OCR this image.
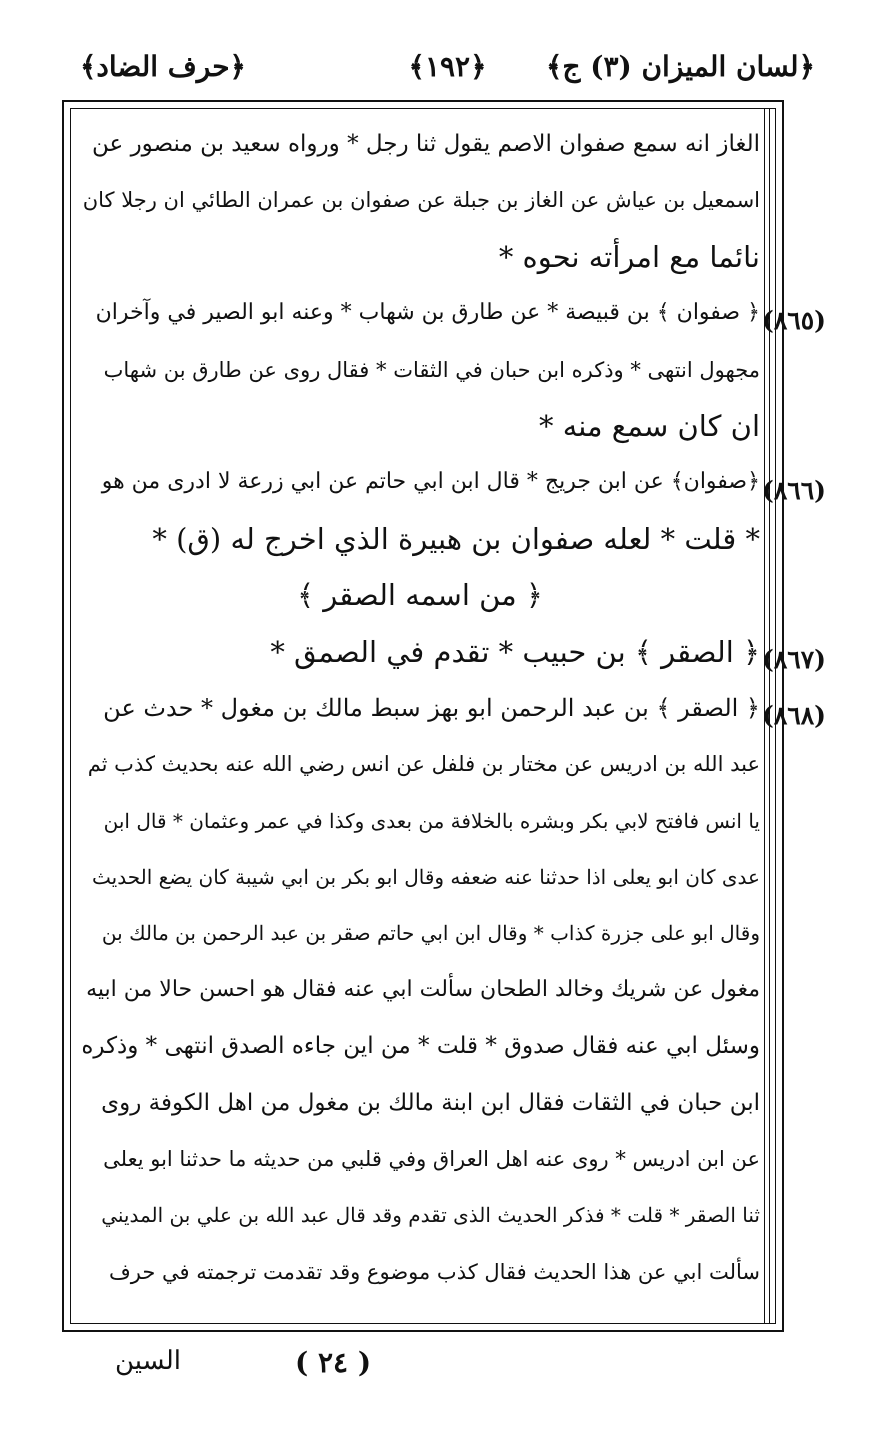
﴿لسان الميزان (٣) ج﴾
﴿١٩٢﴾
﴿حرف الضاد﴾
(٨٦٥)
(٨٦٦)
(٨٦٧)
(٨٦٨)
الغاز انه سمع صفوان الاصم يقول ثنا رجل * ورواه سعيد بن منصور عن
اسمعيل بن عياش عن الغاز بن جبلة عن صفوان بن عمران الطائي ان رجلا كان
نائما مع امرأته نحوه *
﴿ صفوان ﴾ بن قبيصة * عن طارق بن شهاب * وعنه ابو الصير في وآخران
مجهول انتهى * وذكره ابن حبان في الثقات * فقال روى عن طارق بن شهاب
ان كان سمع منه *
﴿صفوان﴾ عن ابن جريج * قال ابن ابي حاتم عن ابي زرعة لا ادرى من هو
* قلت * لعله صفوان بن هبيرة الذي اخرج له (ق) *
﴿ من اسمه الصقر ﴾
﴿ الصقر ﴾ بن حبيب * تقدم في الصمق *
﴿ الصقر ﴾ بن عبد الرحمن ابو بهز سبط مالك بن مغول * حدث عن
عبد الله بن ادريس عن مختار بن فلفل عن انس رضي الله عنه بحديث كذب ثم
يا انس فافتح لابي بكر وبشره بالخلافة من بعدى وكذا في عمر وعثمان * قال ابن
عدى كان ابو يعلى اذا حدثنا عنه ضعفه وقال ابو بكر بن ابي شيبة كان يضع الحديث
وقال ابو على جزرة كذاب * وقال ابن ابي حاتم صقر بن عبد الرحمن بن مالك بن
مغول عن شريك وخالد الطحان سألت ابي عنه فقال هو احسن حالا من ابيه
وسئل ابي عنه فقال صدوق * قلت * من اين جاءه الصدق انتهى * وذكره
ابن حبان في الثقات فقال ابن ابنة مالك بن مغول من اهل الكوفة روى
عن ابن ادريس * روى عنه اهل العراق وفي قلبي من حديثه ما حدثنا ابو يعلى
ثنا الصقر * قلت * فذكر الحديث الذى تقدم وقد قال عبد الله بن علي بن المديني
سألت ابي عن هذا الحديث فقال كذب موضوع وقد تقدمت ترجمته في حرف
( ٢٤ )
السين
